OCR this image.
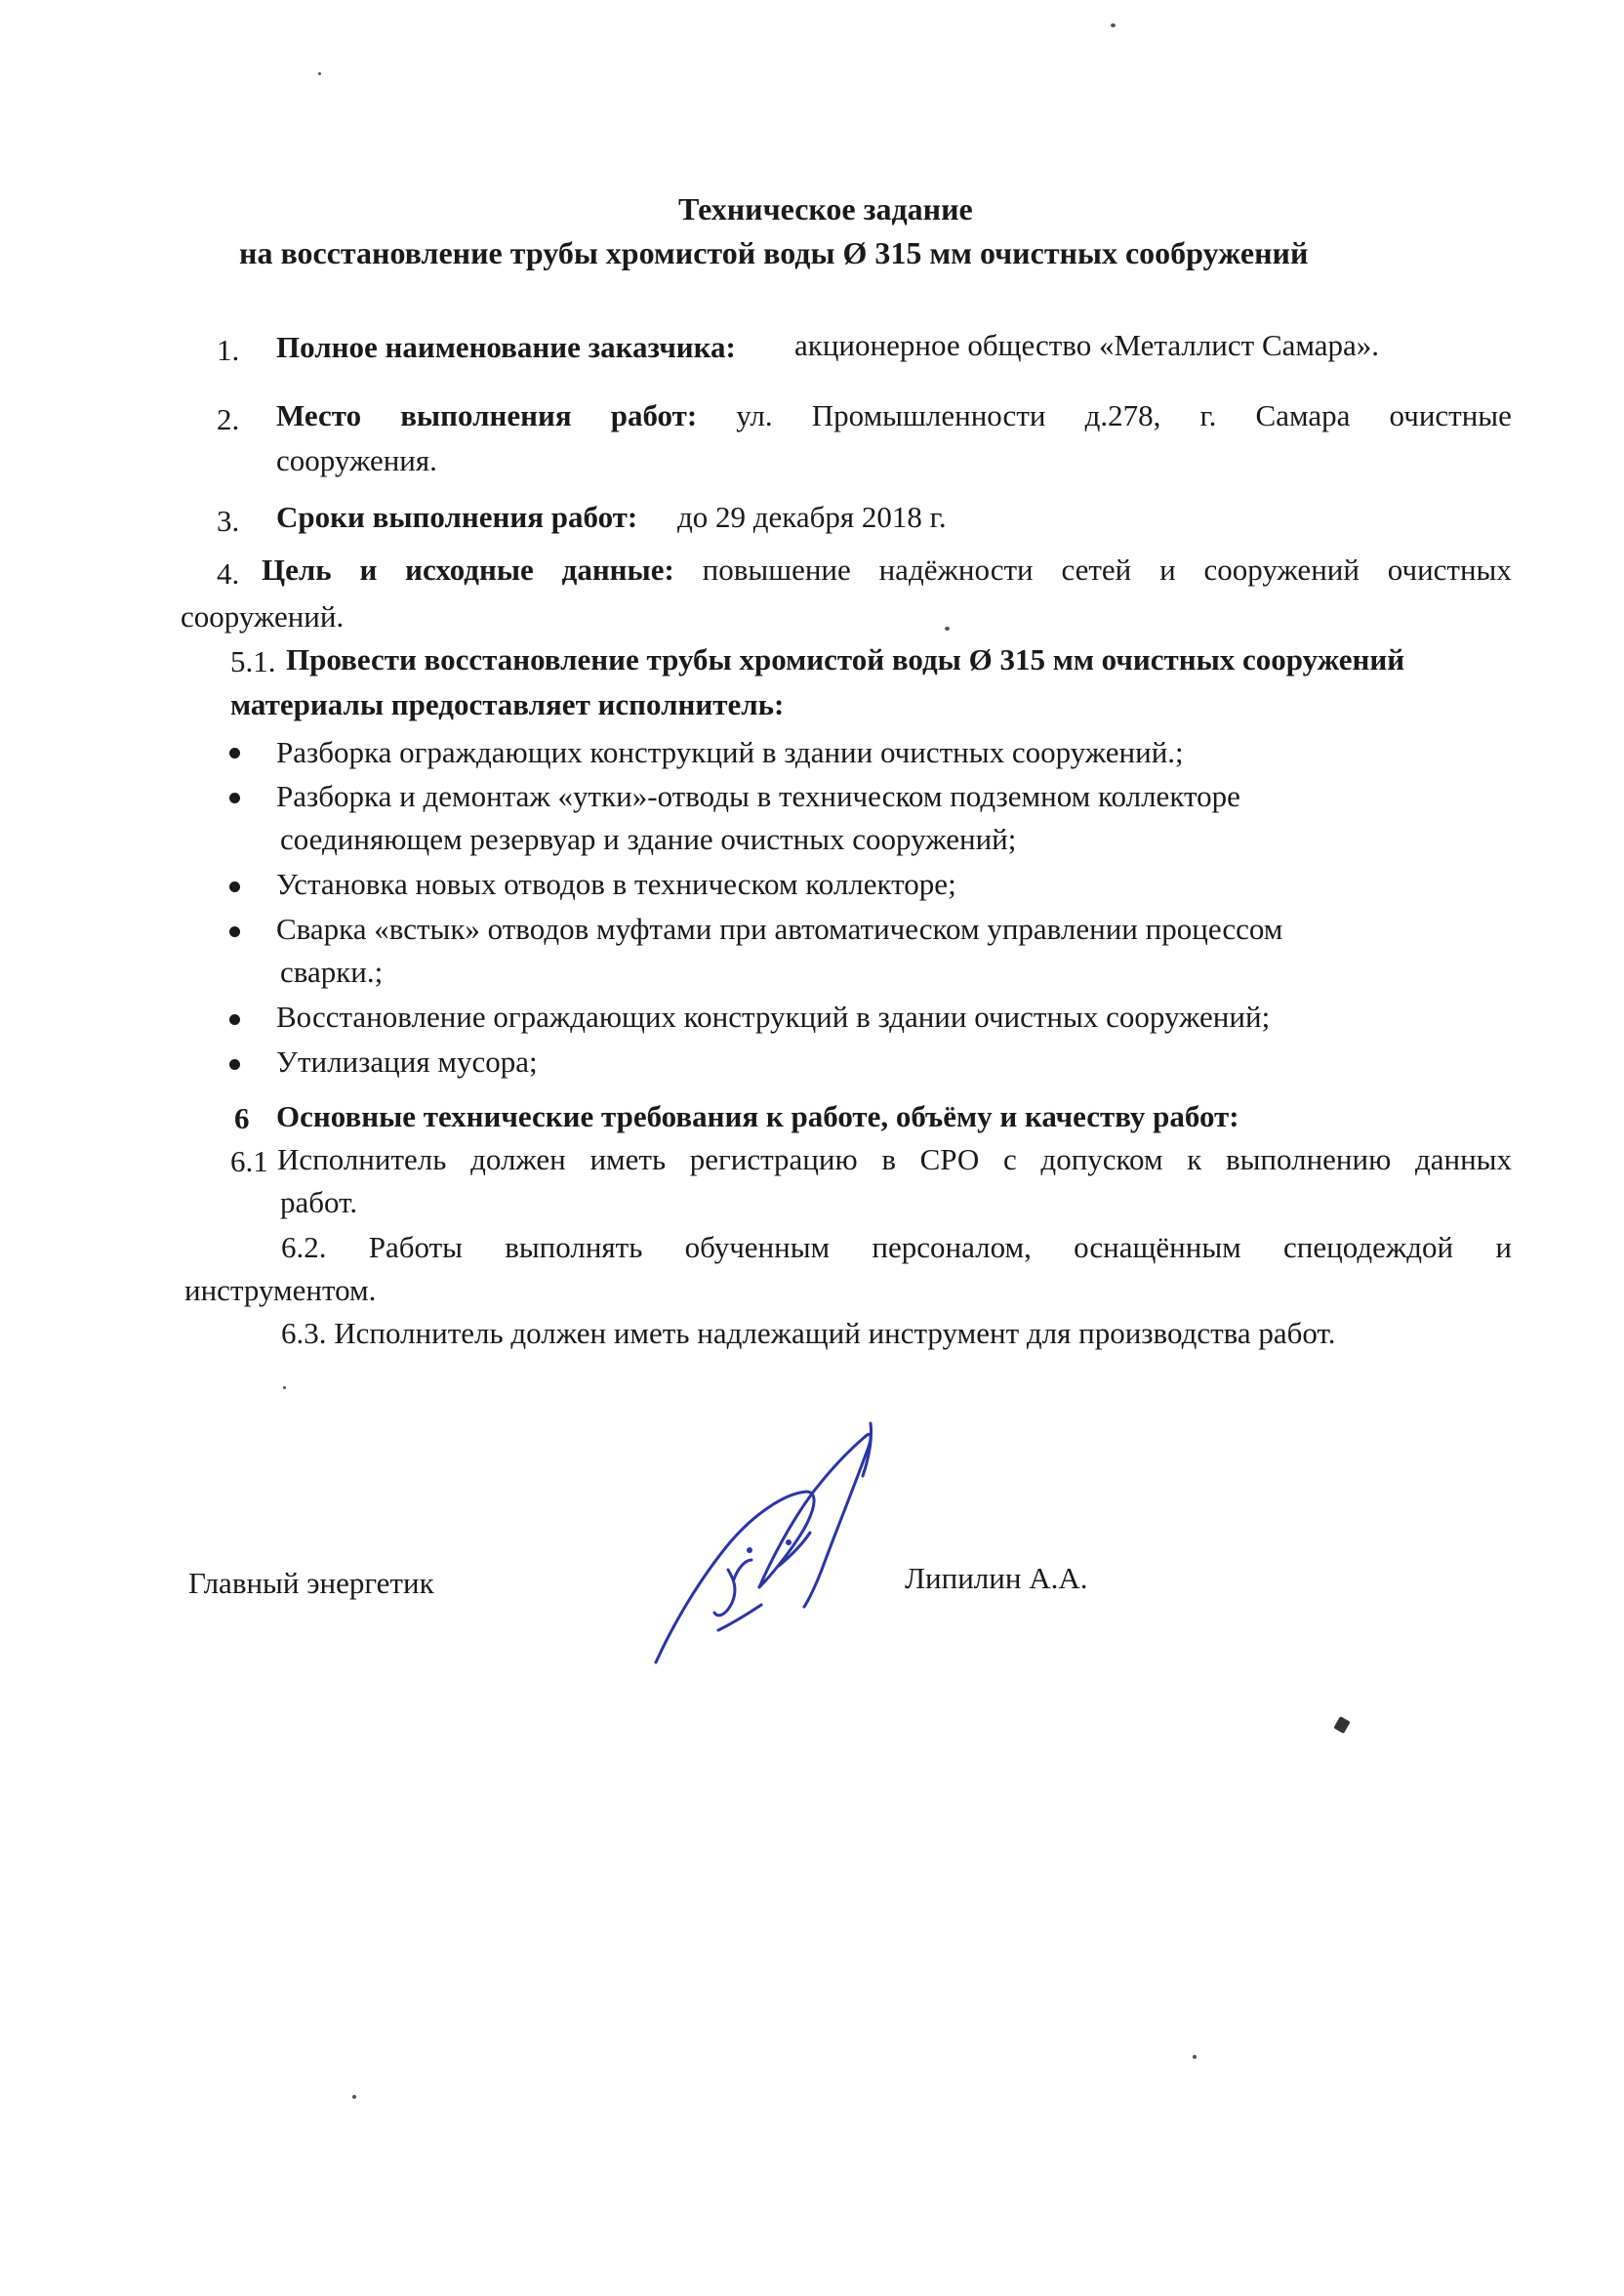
Техническое задание
на восстановление трубы хромистой воды Ø 315 мм очистных сообружений
1. Полное наименование заказчика: акционерное общество «Металлист Самара».
2. Место выполнения работ: ул. Промышленности д.278, г. Самара очистные
сооружения.
3. Сроки выполнения работ: до 29 декабря 2018 г.
4. Цель и исходные данные: повышение надёжности сетей и сооружений очистных
сооружений.
5.1. Провести восстановление трубы хромистой воды Ø 315 мм очистных сооружений
материалы предоставляет исполнитель:
Разборка ограждающих конструкций в здании очистных сооружений.;
Разборка и демонтаж «утки»-отводы в техническом подземном коллекторе
соединяющем резервуар и здание очистных сооружений;
Установка новых отводов в техническом коллекторе;
Сварка «встык» отводов муфтами при автоматическом управлении процессом
сварки.;
Восстановление ограждающих конструкций в здании очистных сооружений;
Утилизация мусора;
6 Основные технические требования к работе, объёму и качеству работ:
6.1 Исполнитель должен иметь регистрацию в СРО с допуском к выполнению данных
работ.
6.2. Работы выполнять обученным персоналом, оснащённым спецодеждой и
инструментом.
6.3. Исполнитель должен иметь надлежащий инструмент для производства работ.
Главный энергетик	Липилин А.А.
